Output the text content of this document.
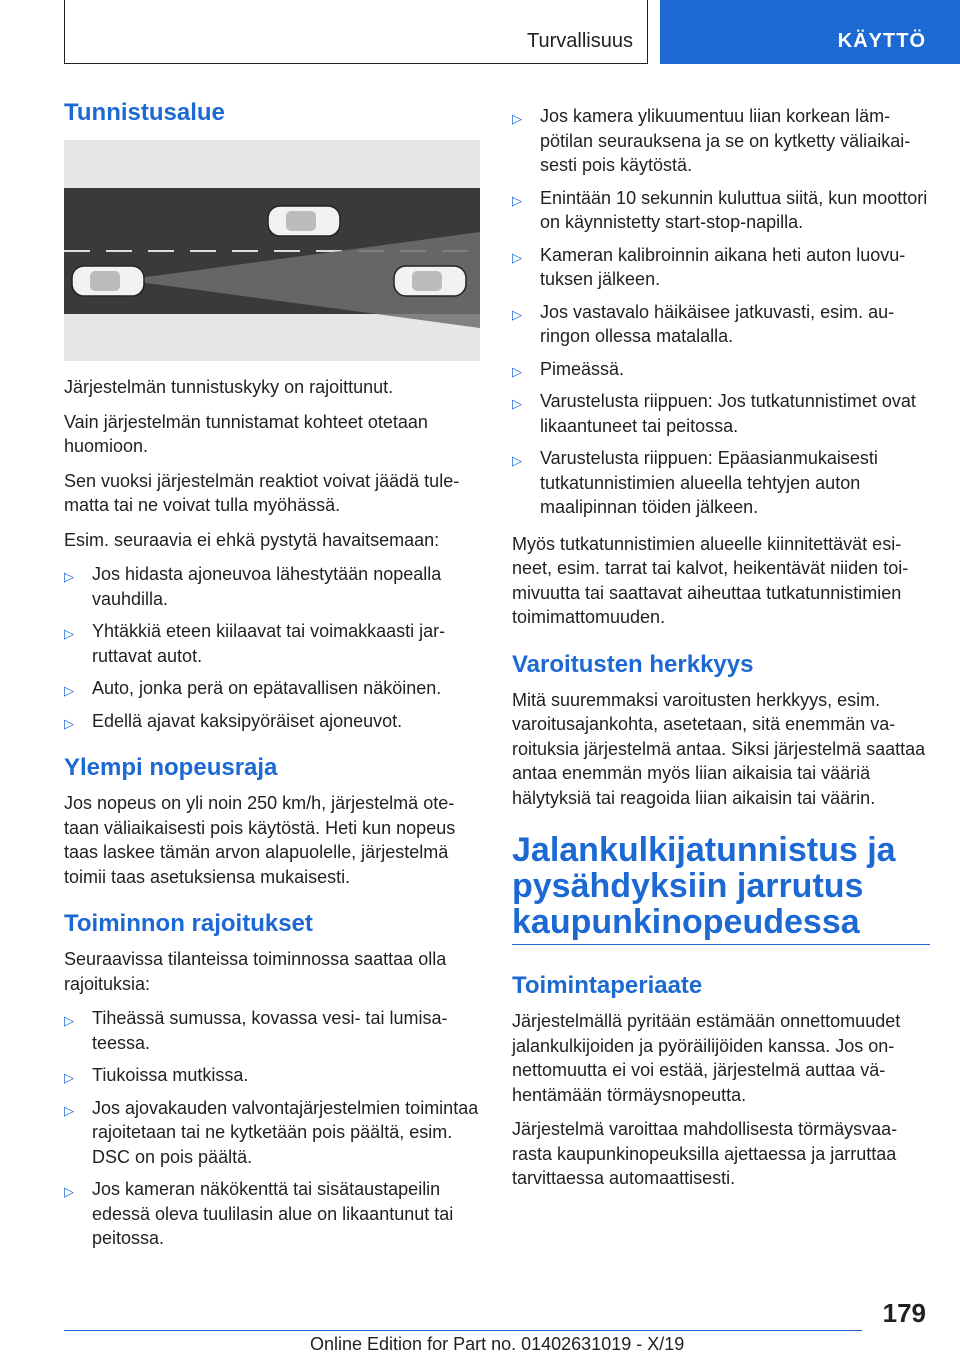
Turvallisuus	KÄYTTÖ
Tunnistusalue

Järjestelmän tunnistuskyky on rajoittunut.

Vain järjestelmän tunnistamat kohteet otetaan huomioon.

Sen vuoksi järjestelmän reaktiot voivat jäädä tulematta tai ne voivat tulla myöhässä.

Esim. seuraavia ei ehkä pystytä havaitsemaan:

▷ Jos hidasta ajoneuvoa lähestytään nopealla vauhdilla.
▷ Yhtäkkiä eteen kiilaavat tai voimakkaasti jarruttavat autot.
▷ Auto, jonka perä on epätavallisen näköinen.
▷ Edellä ajavat kaksipyöräiset ajoneuvot.
Ylempi nopeusraja

Jos nopeus on yli noin 250 km/h, järjestelmä otetaan väliaikaisesti pois käytöstä. Heti kun nopeus taas laskee tämän arvon alapuolelle, järjestelmä toimii taas asetuksiensa mukaisesti.

Toiminnon rajoitukset

Seuraavissa tilanteissa toiminnossa saattaa olla rajoituksia:

▷ Tiheässä sumussa, kovassa vesi- tai lumisateessa.
▷ Tiukoissa mutkissa.
▷ Jos ajovakauden valvontajärjestelmien toimintaa rajoitetaan tai ne kytketään pois päältä, esim. DSC on pois päältä.
▷ Jos kameran näkökenttä tai sisätaustapeilin edessä oleva tuulilasin alue on likaantunut tai peitossa.
▷ Jos kamera ylikuumentuu liian korkean lämpötilan seurauksena ja se on kytketty väliaikaisesti pois käytöstä.
▷ Enintään 10 sekunnin kuluttua siitä, kun moottori on käynnistetty start-stop-napilla.
▷ Kameran kalibroinnin aikana heti auton luovutuksen jälkeen.
▷ Jos vastavalo häikäisee jatkuvasti, esim. auringon ollessa matalalla.
▷ Pimeässä.
▷ Varustelusta riippuen: Jos tutkatunnistimet ovat likaantuneet tai peitossa.
▷ Varustelusta riippuen: Epäasianmukaisesti tutkatunnistimien alueella tehtyjen auton maalipinnan töiden jälkeen.

Myös tutkatunnistimien alueelle kiinnitettävät esineet, esim. tarrat tai kalvot, heikentävät niiden toimivuutta tai saattavat aiheuttaa tutkatunnistimien toimimattomuuden.

Varoitusten herkkyys

Mitä suuremmaksi varoitusten herkkyys, esim. varoitusajankohta, asetetaan, sitä enemmän varoituksia järjestelmä antaa. Siksi järjestelmä saattaa antaa enemmän myös liian aikaisia tai vääriä hälytyksiä tai reagoida liian aikaisin tai väärin.

Jalankulkijatunnistus ja pysähdyksiin jarrutus kaupunkinopeudessa
Toimintaperiaate

Järjestelmällä pyritään estämään onnettomuudet jalankulkijoiden ja pyöräilijöiden kanssa. Jos onnettomuutta ei voi estää, järjestelmä auttaa vähentämään törmäysnopeutta.

Järjestelmä varoittaa mahdollisesta törmäysvaarasta kaupunkinopeuksilla ajettaessa ja jarruttaa tarvittaessa automaattisesti.

179
Online Edition for Part no. 01402631019 - X/19
